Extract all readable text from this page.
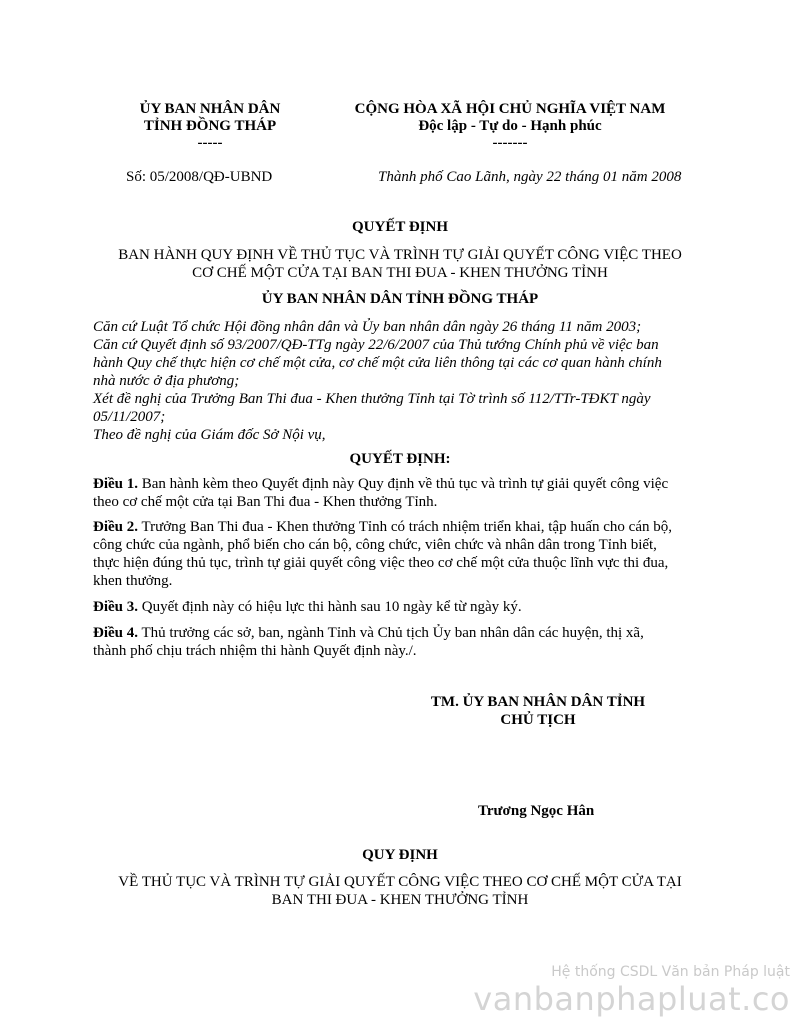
ỦY BAN NHÂN DÂN
TỈNH ĐỒNG THÁP
-----
CỘNG HÒA XÃ HỘI CHỦ NGHĨA VIỆT NAM
Độc lập - Tự do - Hạnh phúc
-------
Số: 05/2008/QĐ-UBND	Thành phố Cao Lãnh, ngày 22 tháng 01 năm 2008
QUYẾT ĐỊNH
BAN HÀNH QUY ĐỊNH VỀ THỦ TỤC VÀ TRÌNH TỰ GIẢI QUYẾT CÔNG VIỆC THEO
CƠ CHẾ MỘT CỬA TẠI BAN THI ĐUA - KHEN THƯỞNG TỈNH
ỦY BAN NHÂN DÂN TỈNH ĐỒNG THÁP
Căn cứ Luật Tổ chức Hội đồng nhân dân và Ủy ban nhân dân ngày 26 tháng 11 năm 2003;
Căn cứ Quyết định số 93/2007/QĐ-TTg ngày 22/6/2007 của Thủ tướng Chính phủ về việc ban
hành Quy chế thực hiện cơ chế một cửa, cơ chế một cửa liên thông tại các cơ quan hành chính
nhà nước ở địa phương;
Xét đề nghị của Trưởng Ban Thi đua - Khen thưởng Tỉnh tại Tờ trình số 112/TTr-TĐKT ngày
05/11/2007;
Theo đề nghị của Giám đốc Sở Nội vụ,
QUYẾT ĐỊNH:
Điều 1. Ban hành kèm theo Quyết định này Quy định về thủ tục và trình tự giải quyết công việc
theo cơ chế một cửa tại Ban Thi đua - Khen thưởng Tỉnh.
Điều 2. Trưởng Ban Thi đua - Khen thưởng Tỉnh có trách nhiệm triển khai, tập huấn cho cán bộ,
công chức của ngành, phổ biến cho cán bộ, công chức, viên chức và nhân dân trong Tỉnh biết,
thực hiện đúng thủ tục, trình tự giải quyết công việc theo cơ chế một cửa thuộc lĩnh vực thi đua,
khen thưởng.
Điều 3. Quyết định này có hiệu lực thi hành sau 10 ngày kể từ ngày ký.
Điều 4. Thủ trưởng các sở, ban, ngành Tỉnh và Chủ tịch Ủy ban nhân dân các huyện, thị xã,
thành phố chịu trách nhiệm thi hành Quyết định này./.
TM. ỦY BAN NHÂN DÂN TỈNH
CHỦ TỊCH
Trương Ngọc Hân
QUY ĐỊNH
VỀ THỦ TỤC VÀ TRÌNH TỰ GIẢI QUYẾT CÔNG VIỆC THEO CƠ CHẾ MỘT CỬA TẠI
BAN THI ĐUA - KHEN THƯỞNG TỈNH
Hệ thống CSDL Văn bản Pháp luật
vanbanphapluat.co
